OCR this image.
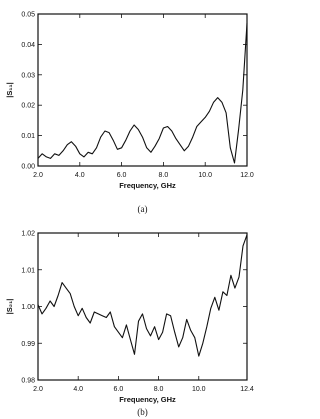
2.0	4.0	6.0	8.0	10.0	12.0
0.00
0.01
0.02
0.03
0.04
0.05
Frequency, GHz
|S₁₁|
(a)
2.0	4.0	6.0	8.0	10.0	12.4
0.98
0.99
1.00
1.01
1.02
Frequency, GHz
|S₂₁|
(b)
